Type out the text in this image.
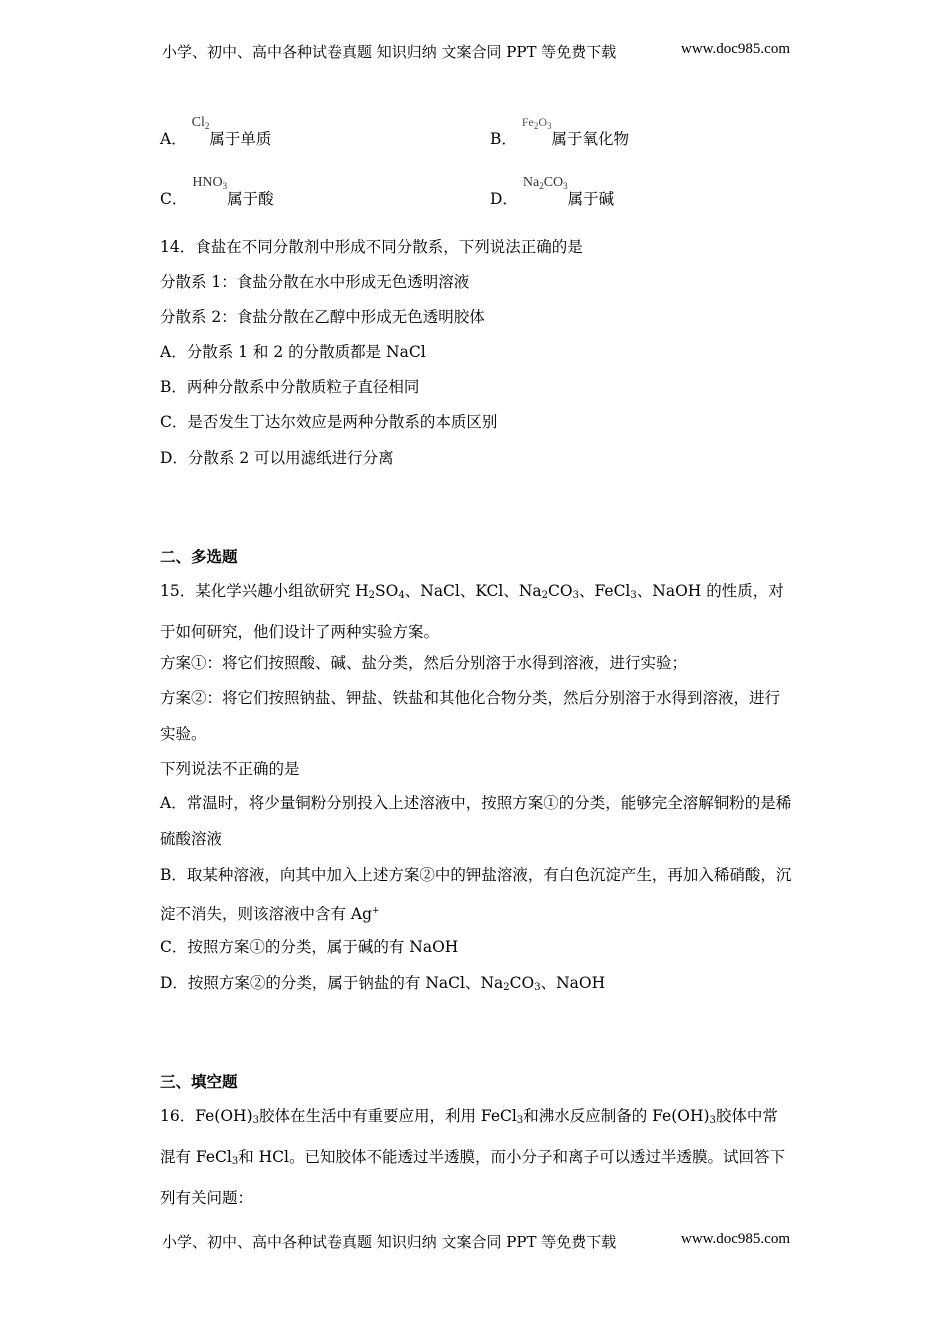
小学、初中、高中各种试卷真题 知识归纳 文案合同 PPT 等免费下载	www.doc985.com
A． $Cl_2$属于单质	B． $^{Fe_2O_3}$属于氧化物
C． $HNO_3$属于酸	D． $Na_2CO_3$属于碱
14．食盐在不同分散剂中形成不同分散系，下列说法正确的是
分散系 1：食盐分散在水中形成无色透明溶液
分散系 2：食盐分散在乙醇中形成无色透明胶体
A．分散系 1 和 2 的分散质都是 NaCl
B．两种分散系中分散质粒子直径相同
C．是否发生丁达尔效应是两种分散系的本质区别
D．分散系 2 可以用滤纸进行分离
二、多选题
15．某化学兴趣小组欲研究 $H_2SO_4$、NaCl、KCl、$Na_2CO_3$、FeCl$_3$、NaOH 的性质，对于如何研究，他们设计了两种实验方案。
方案①：将它们按照酸、碱、盐分类，然后分别溶于水得到溶液，进行实验；
方案②：将它们按照钠盐、钾盐、铁盐和其他化合物分类，然后分别溶于水得到溶液，进行实验。
下列说法不正确的是
A．常温时，将少量铜粉分别投入上述溶液中，按照方案①的分类，能够完全溶解铜粉的是稀硫酸溶液
B．取某种溶液，向其中加入上述方案②中的钾盐溶液，有白色沉淀产生，再加入稀硝酸，沉淀不消失，则该溶液中含有 Ag+
C．按照方案①的分类，属于碱的有 NaOH
D．按照方案②的分类，属于钠盐的有 NaCl、$Na_2CO_3$、NaOH
三、填空题
16．$Fe(OH)_3$胶体在生活中有重要应用，利用 FeCl$_3$和沸水反应制备的 $Fe(OH)_3$胶体中常混有 FeCl$_3$和 HCl。已知胶体不能透过半透膜，而小分子和离子可以透过半透膜。试回答下列有关问题：
小学、初中、高中各种试卷真题 知识归纳 文案合同 PPT 等免费下载	www.doc985.com
